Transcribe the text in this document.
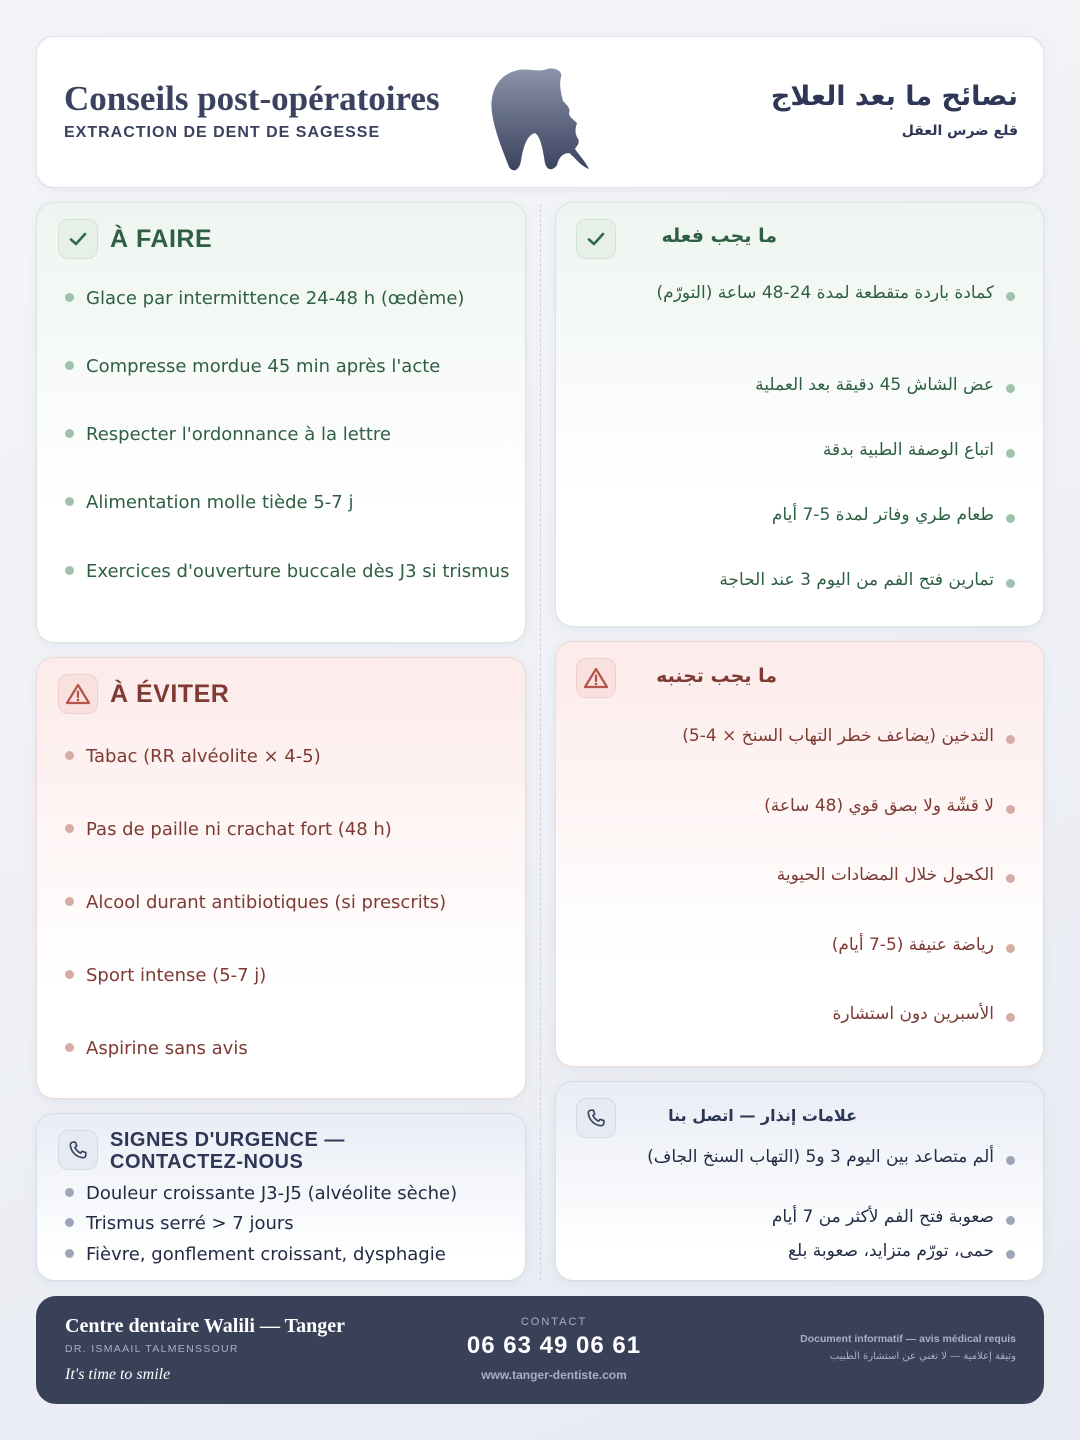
Conseils post-opératoires
EXTRACTION DE DENT DE SAGESSE
نصائح ما بعد العلاج
قلع ضرس العقل
À FAIRE
Glace par intermittence 24-48 h (œdème)
Compresse mordue 45 min après l'acte
Respecter l'ordonnance à la lettre
Alimentation molle tiède 5-7 j
Exercices d'ouverture buccale dès J3 si trismus
ما يجب فعله
كمادة باردة متقطعة لمدة 24-48 ساعة (التورّم)
عض الشاش 45 دقيقة بعد العملية
اتباع الوصفة الطبية بدقة
طعام طري وفاتر لمدة 5-7 أيام
تمارين فتح الفم من اليوم 3 عند الحاجة
À ÉVITER
Tabac (RR alvéolite × 4-5)
Pas de paille ni crachat fort (48 h)
Alcool durant antibiotiques (si prescrits)
Sport intense (5-7 j)
Aspirine sans avis
ما يجب تجنبه
التدخين (يضاعف خطر التهاب السنخ × 4-5)
لا قشّة ولا بصق قوي (48 ساعة)
الكحول خلال المضادات الحيوية
رياضة عنيفة (5-7 أيام)
الأسبرين دون استشارة
SIGNES D'URGENCE —
CONTACTEZ-NOUS
Douleur croissante J3-J5 (alvéolite sèche)
Trismus serré > 7 jours
Fièvre, gonflement croissant, dysphagie
علامات إنذار — اتصل بنا
ألم متصاعد بين اليوم 3 و5 (التهاب السنخ الجاف)
صعوبة فتح الفم لأكثر من 7 أيام
حمى، تورّم متزايد، صعوبة بلع
Centre dentaire Walili — Tanger
DR. ISMAAIL TALMENSSOUR
It's time to smile
CONTACT
06 63 49 06 61
www.tanger-dentiste.com
Document informatif — avis médical requis
وثيقة إعلامية — لا تغني عن استشارة الطبيب
